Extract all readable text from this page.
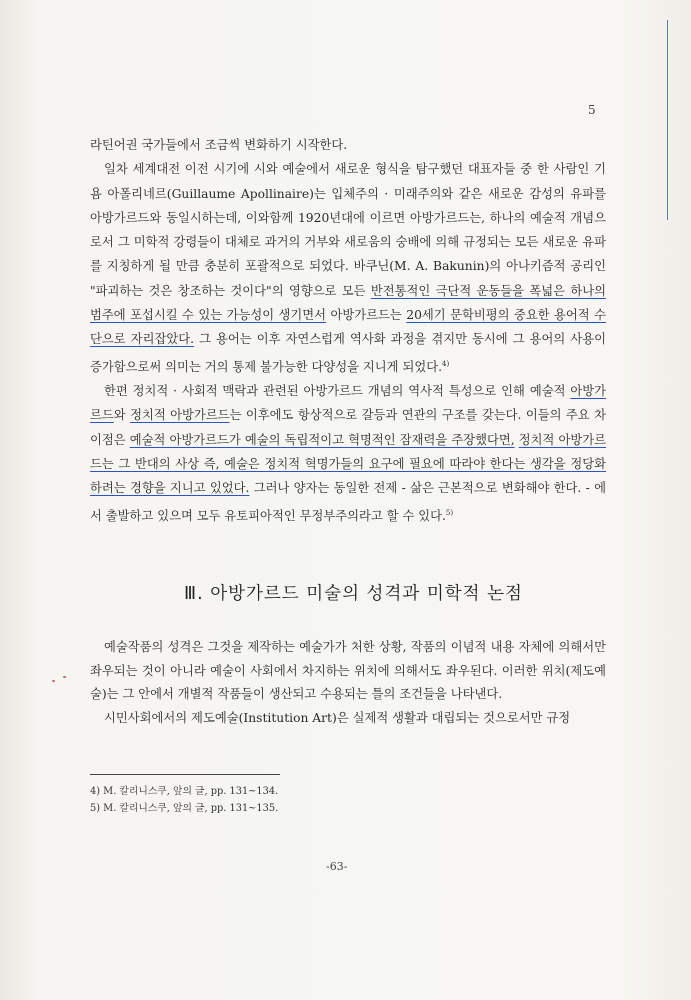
5

라틴어권 국가들에서 조금씩 변화하기 시작한다.

일차 세계대전 이전 시기에 시와 예술에서 새로운 형식을 탐구했던 대표자들 중 한 사람인 기욤 아폴리네르(Guillaume Apollinaire)는 입체주의 · 미래주의와 같은 새로운 감성의 유파를 아방가르드와 동일시하는데, 이와함께 1920년대에 이르면 아방가르드는, 하나의 예술적 개념으로서 그 미학적 강령들이 대체로 과거의 거부와 새로움의 숭배에 의해 규정되는 모든 새로운 유파를 지칭하게 될 만큼 충분히 포괄적으로 되었다. 바쿠닌(M. A. Bakunin)의 아나키즘적 공리인 "파괴하는 것은 창조하는 것이다"의 영향으로 모든 반전통적인 극단적 운동들을 폭넓은 하나의 범주에 포섭시킬 수 있는 가능성이 생기면서 아방가르드는 20세기 문학비평의 중요한 용어적 수단으로 자리잡았다. 그 용어는 이후 자연스럽게 역사화 과정을 겪지만 동시에 그 용어의 사용이 증가함으로써 의미는 거의 통제 불가능한 다양성을 지니게 되었다.$^{4)}$

한편 정치적 · 사회적 맥락과 관련된 아방가르드 개념의 역사적 특성으로 인해 예술적 아방가르드와 정치적 아방가르드는 이후에도 항상적으로 갈등과 연관의 구조를 갖는다. 이들의 주요 차이점은 예술적 아방가르드가 예술의 독립적이고 혁명적인 잠재력을 주장했다면, 정치적 아방가르드는 그 반대의 사상 즉, 예술은 정치적 혁명가들의 요구에 필요에 따라야 한다는 생각을 정당화하려는 경향을 지니고 있었다. 그러나 양자는 동일한 전제 - 삶은 근본적으로 변화해야 한다. - 에서 출발하고 있으며 모두 유토피아적인 무정부주의라고 할 수 있다.$^{5)}$

Ⅲ. 아방가르드 미술의 성격과 미학적 논점

예술작품의 성격은 그것을 제작하는 예술가가 처한 상황, 작품의 이념적 내용 자체에 의해서만 좌우되는 것이 아니라 예술이 사회에서 차지하는 위치에 의해서도 좌우된다. 이러한 위치(제도예술)는 그 안에서 개별적 작품들이 생산되고 수용되는 틀의 조건들을 나타낸다.

시민사회에서의 제도예술(Institution Art)은 실제적 생활과 대립되는 것으로서만 규정

4) M. 칼리니스쿠, 앞의 글, pp. 131~134.
5) M. 칼리니스쿠, 앞의 글, pp. 131~135.
-63-
